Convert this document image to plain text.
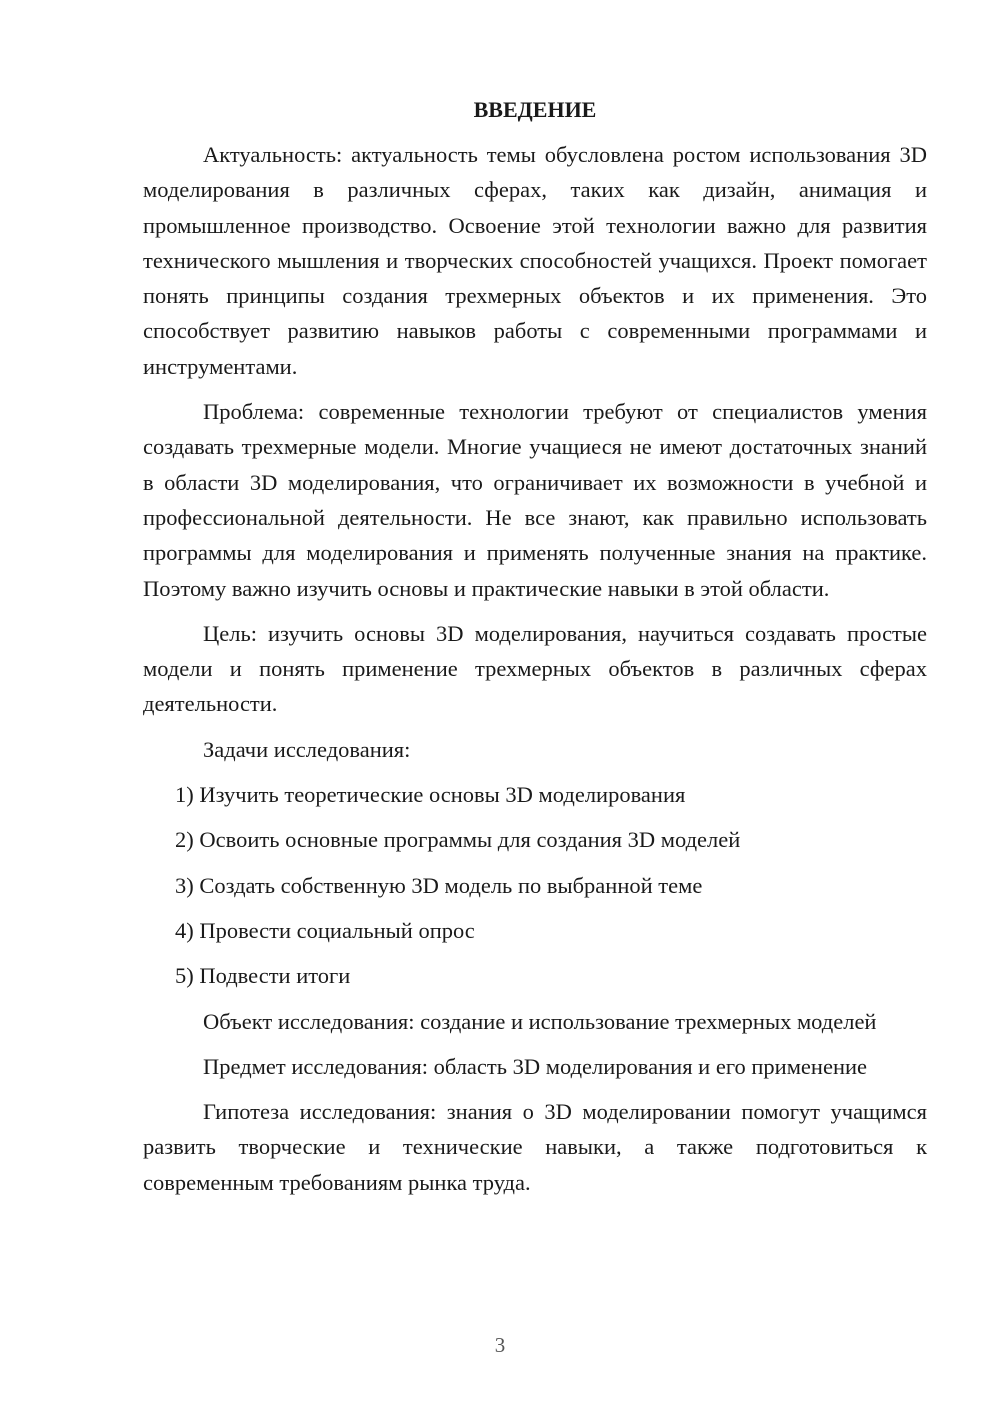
ВВЕДЕНИЕ

Актуальность: актуальность темы обусловлена ростом использования 3D моделирования в различных сферах, таких как дизайн, анимация и промышленное производство. Освоение этой технологии важно для развития технического мышления и творческих способностей учащихся. Проект помогает понять принципы создания трехмерных объектов и их применения. Это способствует развитию навыков работы с современными программами и инструментами.

Проблема: современные технологии требуют от специалистов умения создавать трехмерные модели. Многие учащиеся не имеют достаточных знаний в области 3D моделирования, что ограничивает их возможности в учебной и профессиональной деятельности. Не все знают, как правильно использовать программы для моделирования и применять полученные знания на практике. Поэтому важно изучить основы и практические навыки в этой области.

Цель: изучить основы 3D моделирования, научиться создавать простые модели и понять применение трехмерных объектов в различных сферах деятельности.

Задачи исследования:

1) Изучить теоретические основы 3D моделирования
2) Освоить основные программы для создания 3D моделей
3) Создать собственную 3D модель по выбранной теме
4) Провести социальный опрос
5) Подвести итоги

Объект исследования: создание и использование трехмерных моделей

Предмет исследования: область 3D моделирования и его применение

Гипотеза исследования: знания о 3D моделировании помогут учащимся развить творческие и технические навыки, а также подготовиться к современным требованиям рынка труда.

3
